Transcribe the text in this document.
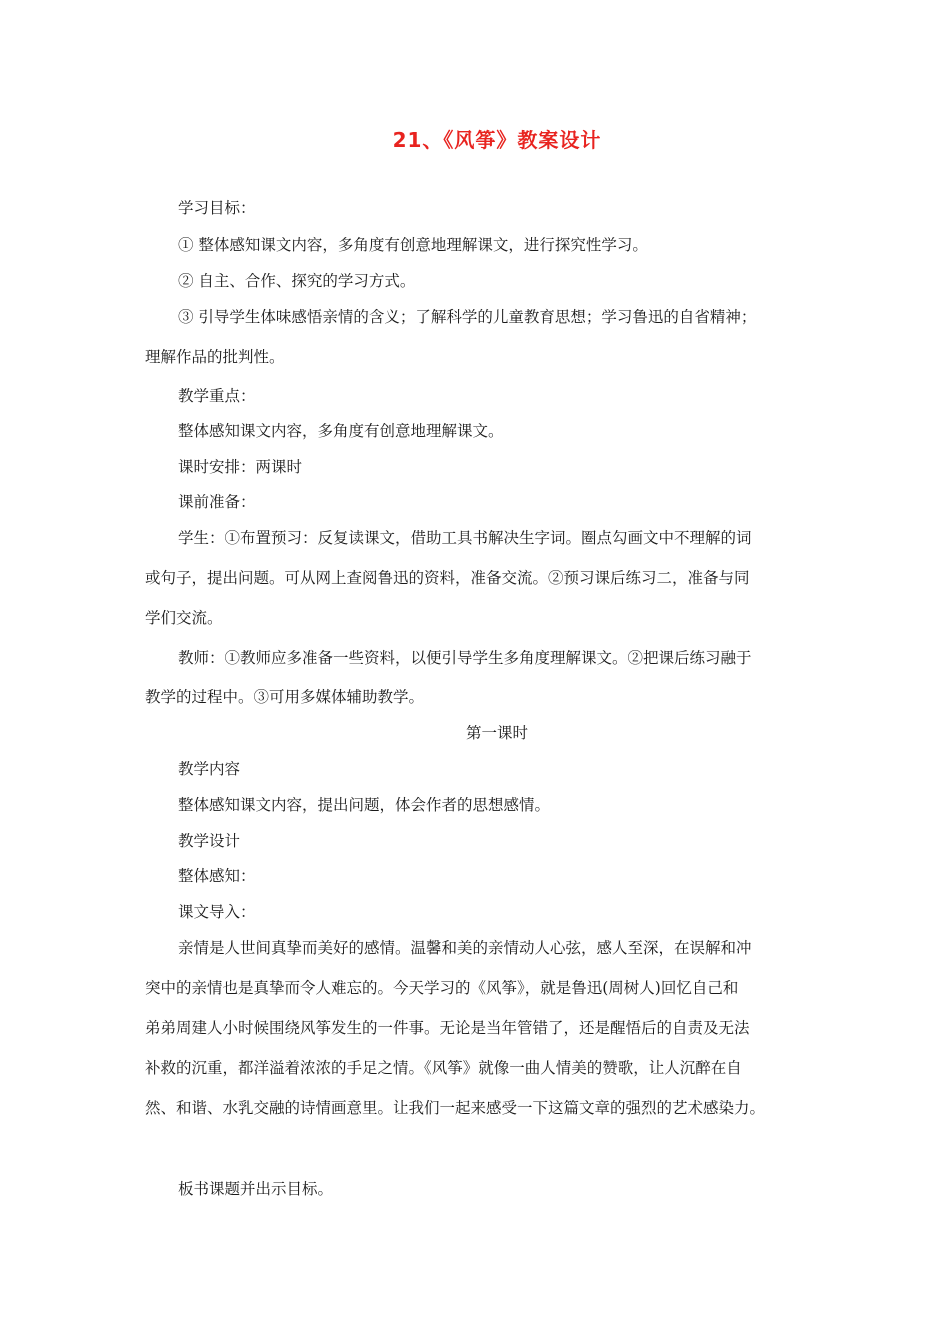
21、《风筝》教案设计
学习目标：
① 整体感知课文内容，多角度有创意地理解课文，进行探究性学习。
② 自主、合作、探究的学习方式。
③ 引导学生体味感悟亲情的含义；了解科学的儿童教育思想；学习鲁迅的自省精神；
理解作品的批判性。
教学重点：
整体感知课文内容，多角度有创意地理解课文。
课时安排：两课时
课前准备：
学生：①布置预习：反复读课文，借助工具书解决生字词。圈点勾画文中不理解的词
或句子，提出问题。可从网上查阅鲁迅的资料，准备交流。②预习课后练习二，准备与同
学们交流。
教师：①教师应多准备一些资料，以便引导学生多角度理解课文。②把课后练习融于
教学的过程中。③可用多媒体辅助教学。
第一课时
教学内容
整体感知课文内容，提出问题，体会作者的思想感情。
教学设计
整体感知：
课文导入：
亲情是人世间真挚而美好的感情。温馨和美的亲情动人心弦，感人至深，在误解和冲
突中的亲情也是真挚而令人难忘的。今天学习的《风筝》，就是鲁迅(周树人)回忆自己和
弟弟周建人小时候围绕风筝发生的一件事。无论是当年管错了，还是醒悟后的自责及无法
补救的沉重，都洋溢着浓浓的手足之情。《风筝》就像一曲人情美的赞歌，让人沉醉在自
然、和谐、水乳交融的诗情画意里。让我们一起来感受一下这篇文章的强烈的艺术感染力。
板书课题并出示目标。
